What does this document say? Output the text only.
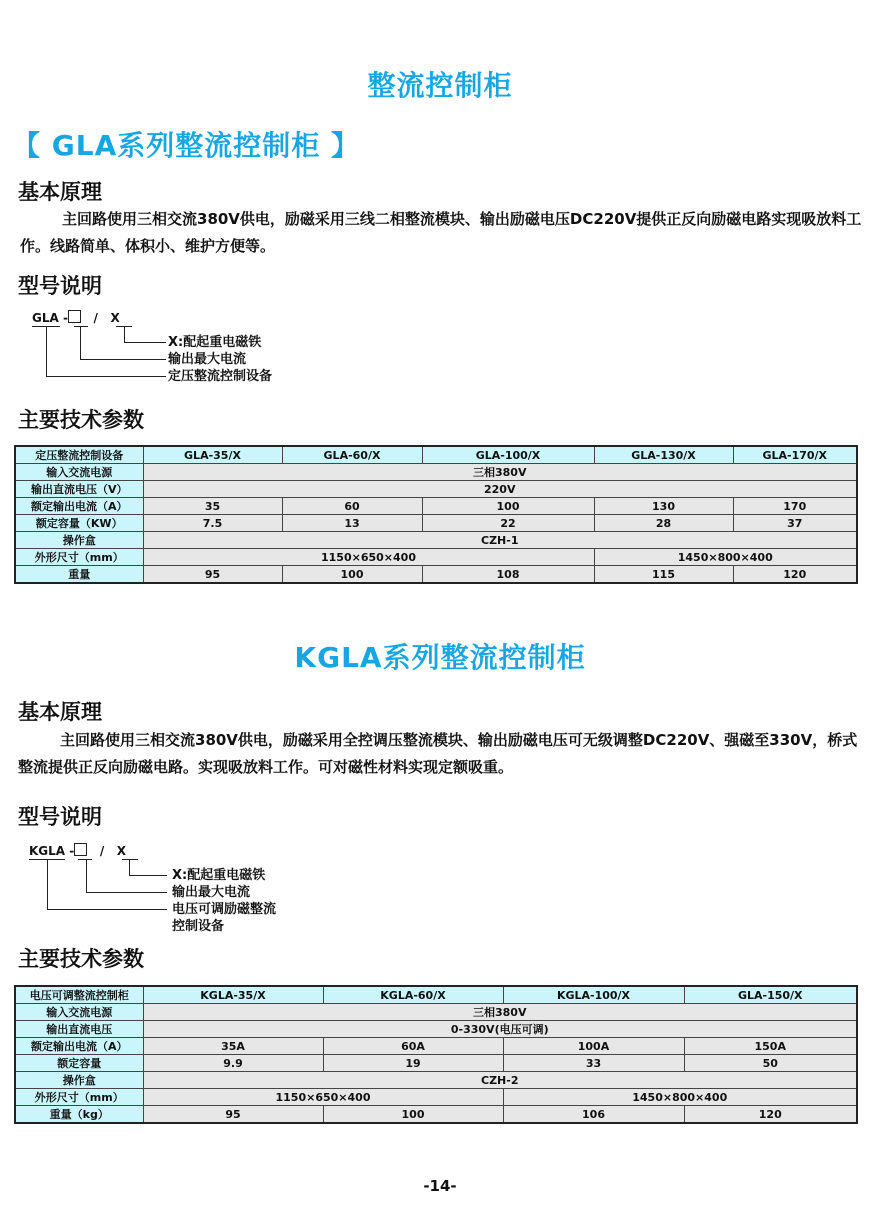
整流控制柜
【 GLA系列整流控制柜 】
基本原理
主回路使用三相交流380V供电，励磁采用三线二相整流模块、输出励磁电压DC220V提供正反向励磁电路实现吸放料工作。线路简单、体积小、维护方便等。
型号说明
GLA - / X
X:配起重电磁铁
输出最大电流
定压整流控制设备
主要技术参数
定压整流控制设备	GLA-35/X	GLA-60/X	GLA-100/X	GLA-130/X	GLA-170/X
输入交流电源	三相380V				
输出直流电压（V）	220V				
额定输出电流（A）	35	60	100	130	170
额定容量（KW）	7.5	13	22	28	37
操作盒	CZH-1				
外形尺寸（mm）	1150×650×400			1450×800×400	
重量	95	100	108	115	120
KGLA系列整流控制柜
基本原理
主回路使用三相交流380V供电，励磁采用全控调压整流模块、输出励磁电压可无级调整DC220V、强磁至330V，桥式整流提供正反向励磁电路。实现吸放料工作。可对磁性材料实现定额吸重。
型号说明
KGLA - / X
X:配起重电磁铁
输出最大电流
电压可调励磁整流
控制设备
主要技术参数
电压可调整流控制柜	KGLA-35/X	KGLA-60/X	KGLA-100/X	GLA-150/X
输入交流电源	三相380V			
输出直流电压	0-330V(电压可调)			
额定输出电流（A）	35A	60A	100A	150A
额定容量	9.9	19	33	50
操作盒	CZH-2			
外形尺寸（mm）	1150×650×400		1450×800×400	
重量（kg）	95	100	106	120
-14-
